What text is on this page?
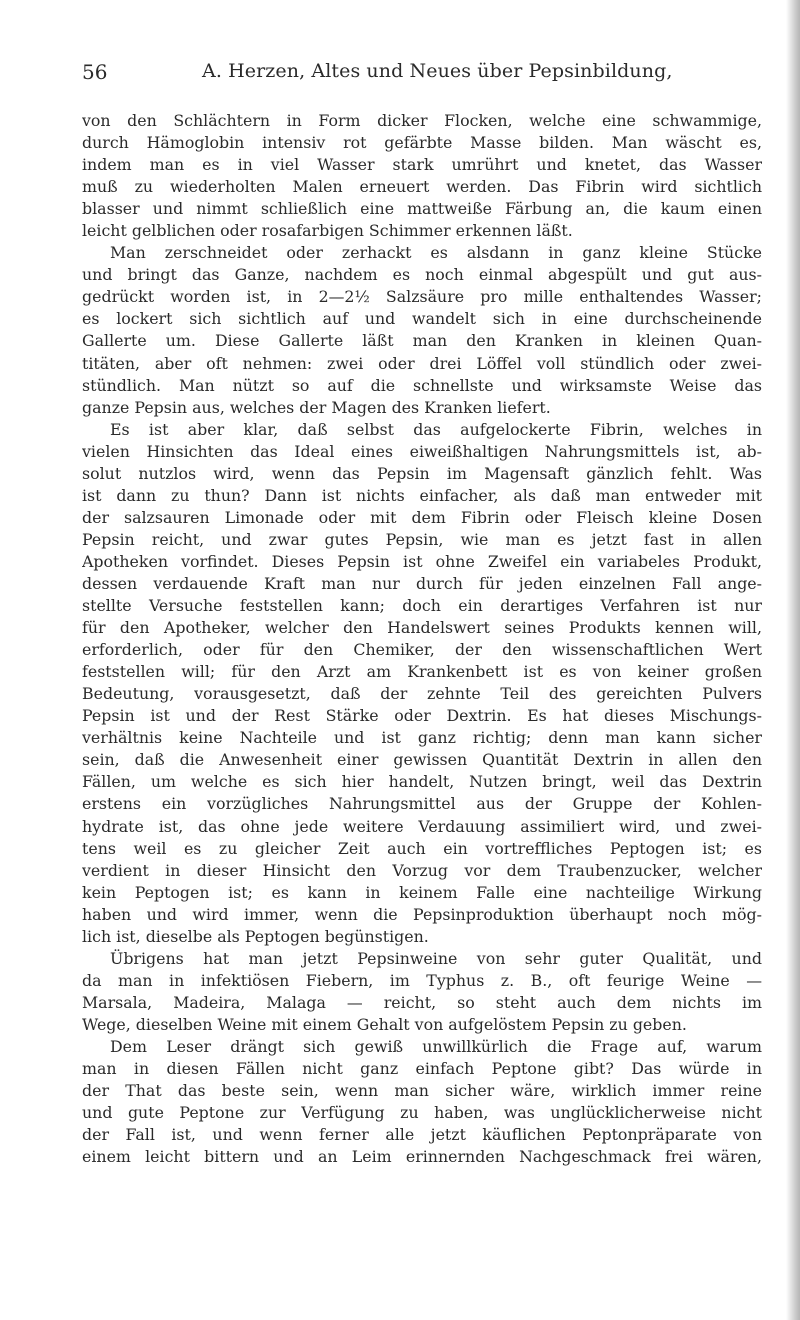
56	A. Herzen, Altes und Neues über Pepsinbildung,
von den Schlächtern in Form dicker Flocken, welche eine schwammige,
durch Hämoglobin intensiv rot gefärbte Masse bilden. Man wäscht es,
indem man es in viel Wasser stark umrührt und knetet, das Wasser
muß zu wiederholten Malen erneuert werden. Das Fibrin wird sichtlich
blasser und nimmt schließlich eine mattweiße Färbung an, die kaum einen
leicht gelblichen oder rosafarbigen Schimmer erkennen läßt.
Man zerschneidet oder zerhackt es alsdann in ganz kleine Stücke
und bringt das Ganze, nachdem es noch einmal abgespült und gut aus-
gedrückt worden ist, in 2—2½ Salzsäure pro mille enthaltendes Wasser;
es lockert sich sichtlich auf und wandelt sich in eine durchscheinende
Gallerte um. Diese Gallerte läßt man den Kranken in kleinen Quan-
titäten, aber oft nehmen: zwei oder drei Löffel voll stündlich oder zwei-
stündlich. Man nützt so auf die schnellste und wirksamste Weise das
ganze Pepsin aus, welches der Magen des Kranken liefert.
Es ist aber klar, daß selbst das aufgelockerte Fibrin, welches in
vielen Hinsichten das Ideal eines eiweißhaltigen Nahrungsmittels ist, ab-
solut nutzlos wird, wenn das Pepsin im Magensaft gänzlich fehlt. Was
ist dann zu thun? Dann ist nichts einfacher, als daß man entweder mit
der salzsauren Limonade oder mit dem Fibrin oder Fleisch kleine Dosen
Pepsin reicht, und zwar gutes Pepsin, wie man es jetzt fast in allen
Apotheken vorfindet. Dieses Pepsin ist ohne Zweifel ein variabeles Produkt,
dessen verdauende Kraft man nur durch für jeden einzelnen Fall ange-
stellte Versuche feststellen kann; doch ein derartiges Verfahren ist nur
für den Apotheker, welcher den Handelswert seines Produkts kennen will,
erforderlich, oder für den Chemiker, der den wissenschaftlichen Wert
feststellen will; für den Arzt am Krankenbett ist es von keiner großen
Bedeutung, vorausgesetzt, daß der zehnte Teil des gereichten Pulvers
Pepsin ist und der Rest Stärke oder Dextrin. Es hat dieses Mischungs-
verhältnis keine Nachteile und ist ganz richtig; denn man kann sicher
sein, daß die Anwesenheit einer gewissen Quantität Dextrin in allen den
Fällen, um welche es sich hier handelt, Nutzen bringt, weil das Dextrin
erstens ein vorzügliches Nahrungsmittel aus der Gruppe der Kohlen-
hydrate ist, das ohne jede weitere Verdauung assimiliert wird, und zwei-
tens weil es zu gleicher Zeit auch ein vortreffliches Peptogen ist; es
verdient in dieser Hinsicht den Vorzug vor dem Traubenzucker, welcher
kein Peptogen ist; es kann in keinem Falle eine nachteilige Wirkung
haben und wird immer, wenn die Pepsinproduktion überhaupt noch mög-
lich ist, dieselbe als Peptogen begünstigen.
Übrigens hat man jetzt Pepsinweine von sehr guter Qualität, und
da man in infektiösen Fiebern, im Typhus z. B., oft feurige Weine —
Marsala, Madeira, Malaga — reicht, so steht auch dem nichts im
Wege, dieselben Weine mit einem Gehalt von aufgelöstem Pepsin zu geben.
Dem Leser drängt sich gewiß unwillkürlich die Frage auf, warum
man in diesen Fällen nicht ganz einfach Peptone gibt? Das würde in
der That das beste sein, wenn man sicher wäre, wirklich immer reine
und gute Peptone zur Verfügung zu haben, was unglücklicherweise nicht
der Fall ist, und wenn ferner alle jetzt käuflichen Peptonpräparate von
einem leicht bittern und an Leim erinnernden Nachgeschmack frei wären,
